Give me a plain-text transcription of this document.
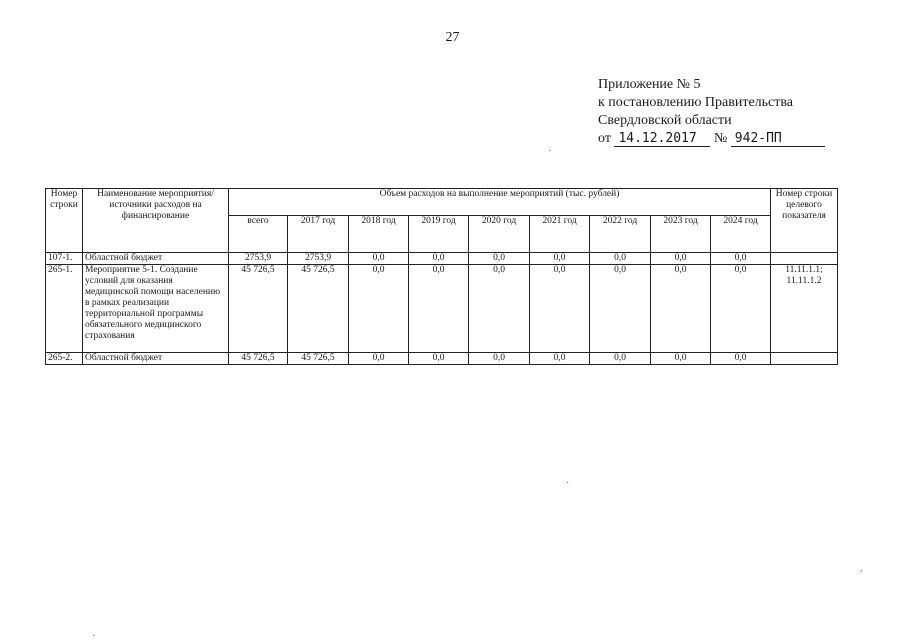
27
Приложение № 5
к постановлению Правительства
Свердловской области
от 14.12.2017 № 942-ПП
·
·
,
·
Номер строки	Наименование мероприятия/ источники расходов на финансирование	Объем расходов на выполнение мероприятий (тыс. рублей)									Номер строки целевого показателя
		всего	2017 год	2018 год	2019 год	2020 год	2021 год	2022 год	2023 год	2024 год	
107-1.	Областной бюджет	2753,9	2753,9	0,0	0,0	0,0	0,0	0,0	0,0	0,0	
265-1.	Мероприятие 5-1. Создание условий для оказания медицинской помощи населению в рамках реализации территориальной программы обязательного медицинского страхования	45 726,5	45 726,5	0,0	0,0	0,0	0,0	0,0	0,0	0,0	11.11.1.1; 11.11.1.2
265-2.	Областной бюджет	45 726,5	45 726,5	0,0	0,0	0,0	0,0	0,0	0,0	0,0	
